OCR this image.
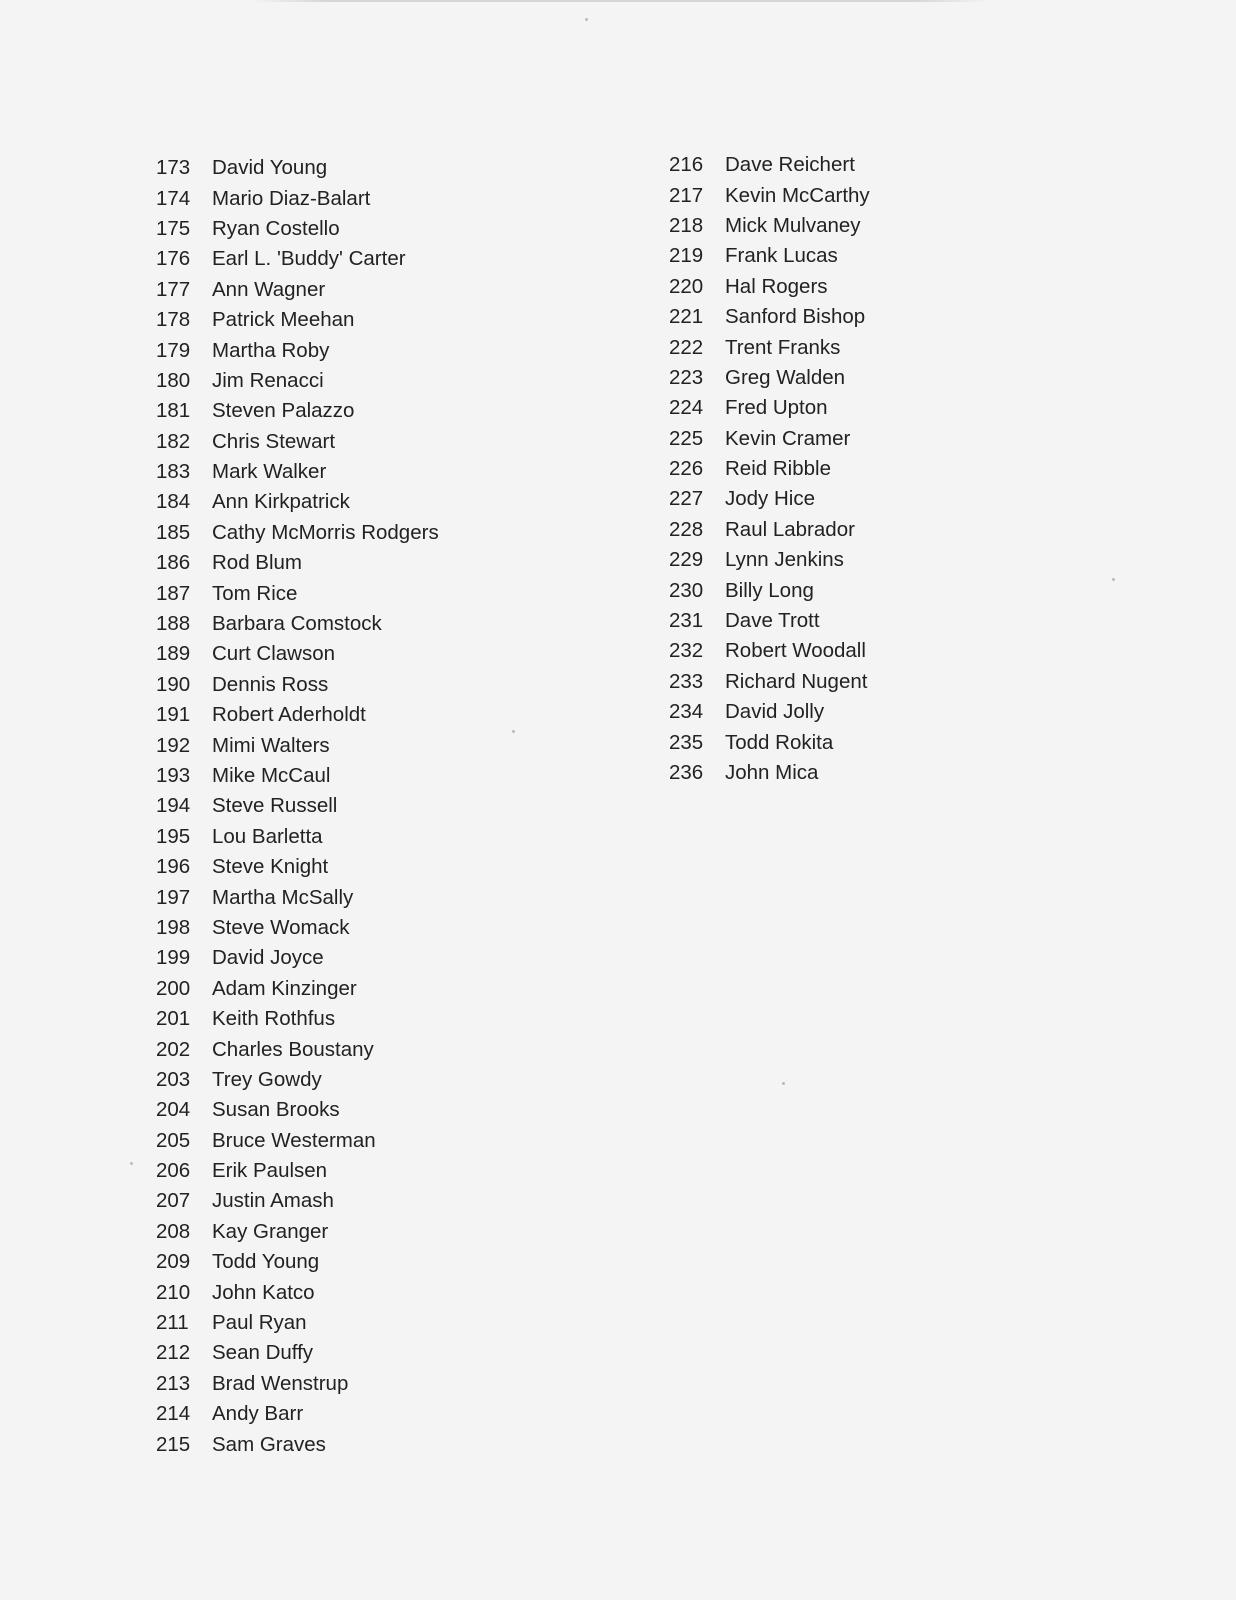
173	David Young
174	Mario Diaz-Balart
175	Ryan Costello
176	Earl L. 'Buddy' Carter
177	Ann Wagner
178	Patrick Meehan
179	Martha Roby
180	Jim Renacci
181	Steven Palazzo
182	Chris Stewart
183	Mark Walker
184	Ann Kirkpatrick
185	Cathy McMorris Rodgers
186	Rod Blum
187	Tom Rice
188	Barbara Comstock
189	Curt Clawson
190	Dennis Ross
191	Robert Aderholdt
192	Mimi Walters
193	Mike McCaul
194	Steve Russell
195	Lou Barletta
196	Steve Knight
197	Martha McSally
198	Steve Womack
199	David Joyce
200	Adam Kinzinger
201	Keith Rothfus
202	Charles Boustany
203	Trey Gowdy
204	Susan Brooks
205	Bruce Westerman
206	Erik Paulsen
207	Justin Amash
208	Kay Granger
209	Todd Young
210	John Katco
211	Paul Ryan
212	Sean Duffy
213	Brad Wenstrup
214	Andy Barr
215	Sam Graves
216	Dave Reichert
217	Kevin McCarthy
218	Mick Mulvaney
219	Frank Lucas
220	Hal Rogers
221	Sanford Bishop
222	Trent Franks
223	Greg Walden
224	Fred Upton
225	Kevin Cramer
226	Reid Ribble
227	Jody Hice
228	Raul Labrador
229	Lynn Jenkins
230	Billy Long
231	Dave Trott
232	Robert Woodall
233	Richard Nugent
234	David Jolly
235	Todd Rokita
236	John Mica
